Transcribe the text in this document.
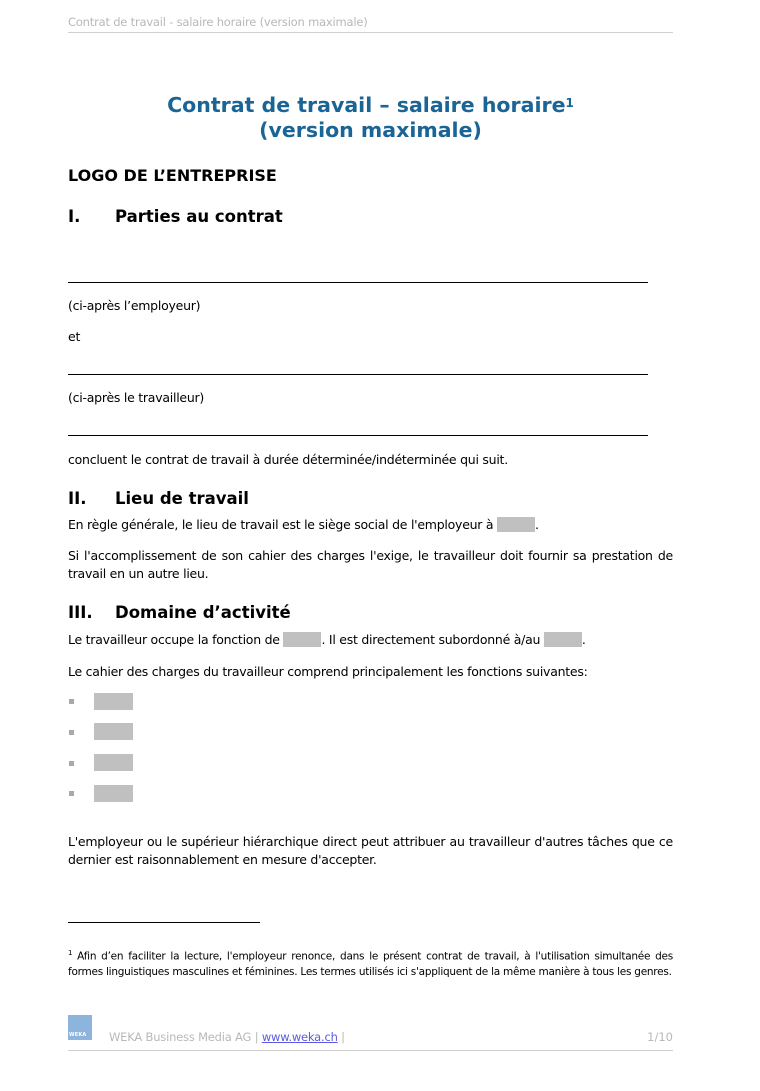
Contrat de travail - salaire horaire (version maximale)
Contrat de travail – salaire horaire$^1$
(version maximale)
LOGO DE L’ENTREPRISE
I. Parties au contrat
(ci-après l’employeur)
et
(ci-après le travailleur)
concluent le contrat de travail à durée déterminée/indéterminée qui suit.
II. Lieu de travail
En règle générale, le lieu de travail est le siège social de l'employeur à	.
Si l'accomplissement de son cahier des charges l'exige, le travailleur doit fournir sa prestation de travail en un autre lieu.
III. Domaine d’activité
Le travailleur occupe la fonction de	. Il est directement subordonné à/au	.
Le cahier des charges du travailleur comprend principalement les fonctions suivantes:
L'employeur ou le supérieur hiérarchique direct peut attribuer au travailleur d'autres tâches que ce dernier est raisonnablement en mesure d'accepter.
$^1$ Afin d’en faciliter la lecture, l'employeur renonce, dans le présent contrat de travail, à l'utilisation simultanée des formes linguistiques masculines et féminines. Les termes utilisés ici s'appliquent de la même manière à tous les genres.
WEKA WEKA Business Media AG | www.weka.ch |	1/10
